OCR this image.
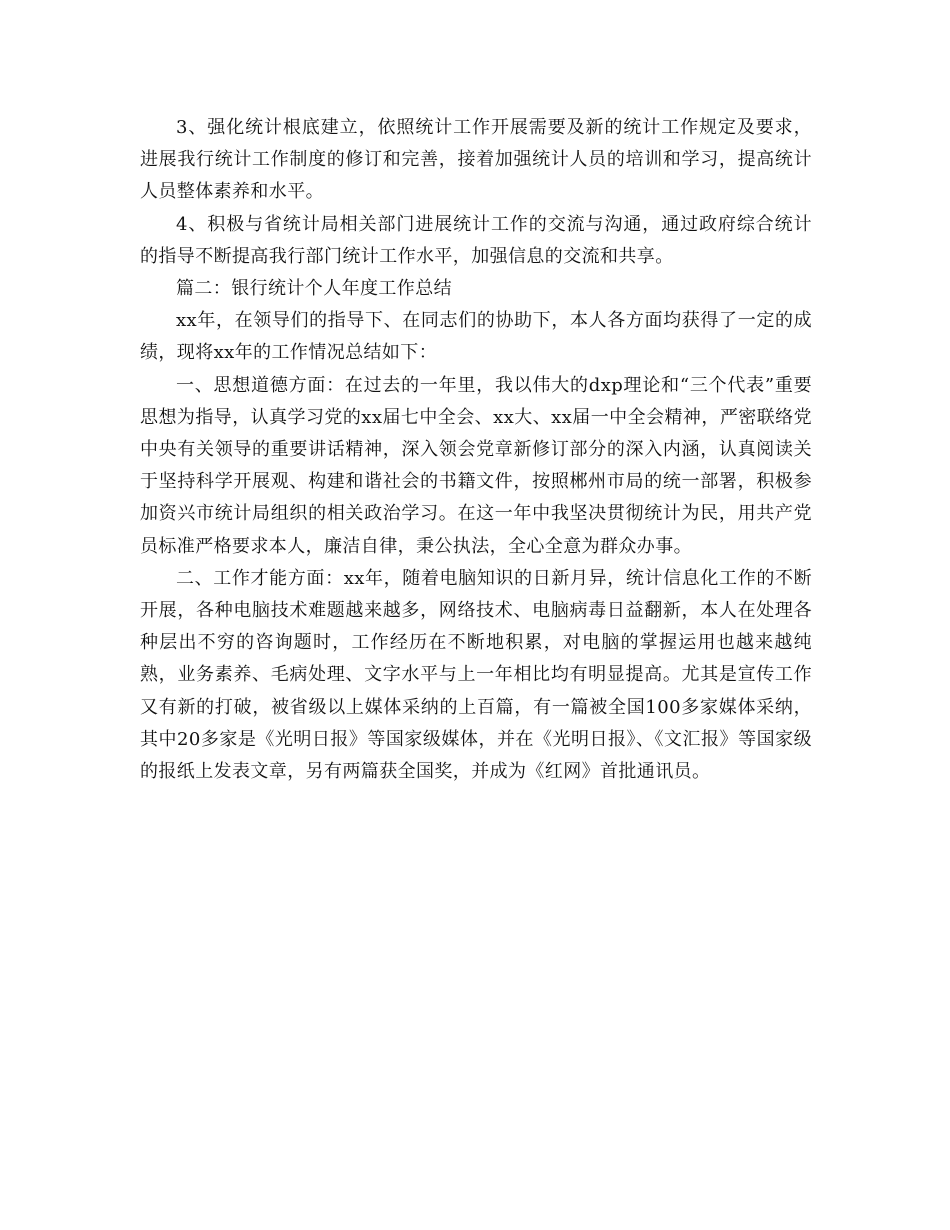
3、强化统计根底建立，依照统计工作开展需要及新的统计工作规定及要求，进展我行统计工作制度的修订和完善，接着加强统计人员的培训和学习，提高统计人员整体素养和水平。

4、积极与省统计局相关部门进展统计工作的交流与沟通，通过政府综合统计的指导不断提高我行部门统计工作水平，加强信息的交流和共享。

篇二：银行统计个人年度工作总结

xx年，在领导们的指导下、在同志们的协助下，本人各方面均获得了一定的成绩，现将xx年的工作情况总结如下：

一、思想道德方面：在过去的一年里，我以伟大的dxp理论和“三个代表”重要思想为指导，认真学习党的xx届七中全会、xx大、xx届一中全会精神，严密联络党中央有关领导的重要讲话精神，深入领会党章新修订部分的深入内涵，认真阅读关于坚持科学开展观、构建和谐社会的书籍文件，按照郴州市局的统一部署，积极参加资兴市统计局组织的相关政治学习。在这一年中我坚决贯彻统计为民，用共产党员标准严格要求本人，廉洁自律，秉公执法，全心全意为群众办事。

二、工作才能方面：xx年，随着电脑知识的日新月异，统计信息化工作的不断开展，各种电脑技术难题越来越多，网络技术、电脑病毒日益翻新，本人在处理各种层出不穷的咨询题时，工作经历在不断地积累，对电脑的掌握运用也越来越纯熟，业务素养、毛病处理、文字水平与上一年相比均有明显提高。尤其是宣传工作又有新的打破，被省级以上媒体采纳的上百篇，有一篇被全国100多家媒体采纳，其中20多家是《光明日报》等国家级媒体，并在《光明日报》、《文汇报》等国家级的报纸上发表文章，另有两篇获全国奖，并成为《红网》首批通讯员。
